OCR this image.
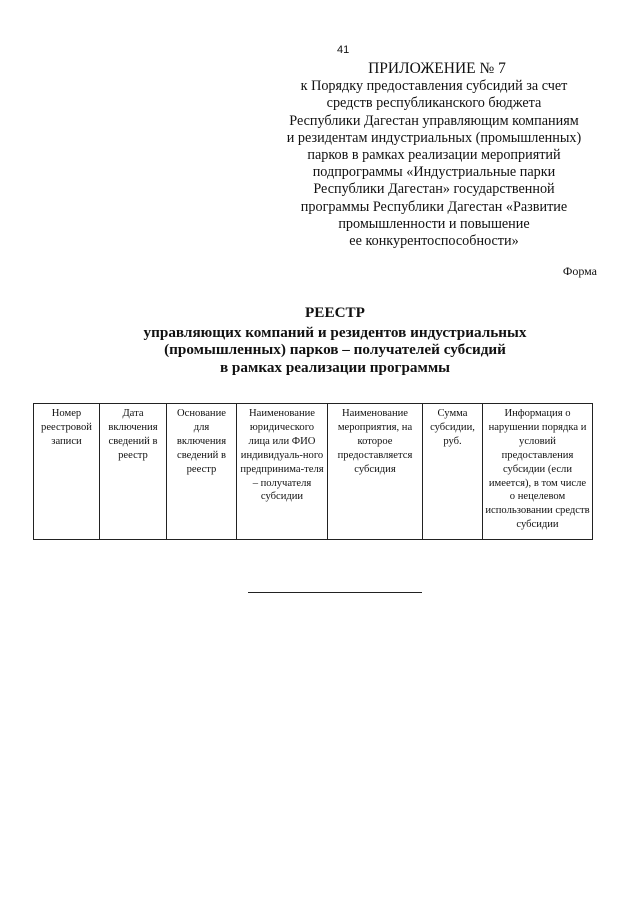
41
ПРИЛОЖЕНИЕ № 7
к Порядку предоставления субсидий за счет
средств республиканского бюджета
Республики Дагестан управляющим компаниям
и резидентам индустриальных (промышленных)
парков в рамках реализации мероприятий
подпрограммы «Индустриальные парки
Республики Дагестан» государственной
программы Республики Дагестан «Развитие
промышленности и повышение
ее конкурентоспособности»
Форма
РЕЕСТР
управляющих компаний и резидентов индустриальных
(промышленных) парков – получателей субсидий
в рамках реализации программы
Номер реестровой записи	Дата включения сведений в реестр	Основание для включения сведений в реестр	Наименование юридического лица или ФИО индивидуаль-ного предпринима-теля – получателя субсидии	Наименование мероприятия, на которое предоставляется субсидия	Сумма субсидии, руб.	Информация о нарушении порядка и условий предоставления субсидии (если имеется), в том числе о нецелевом использовании средств субсидии
